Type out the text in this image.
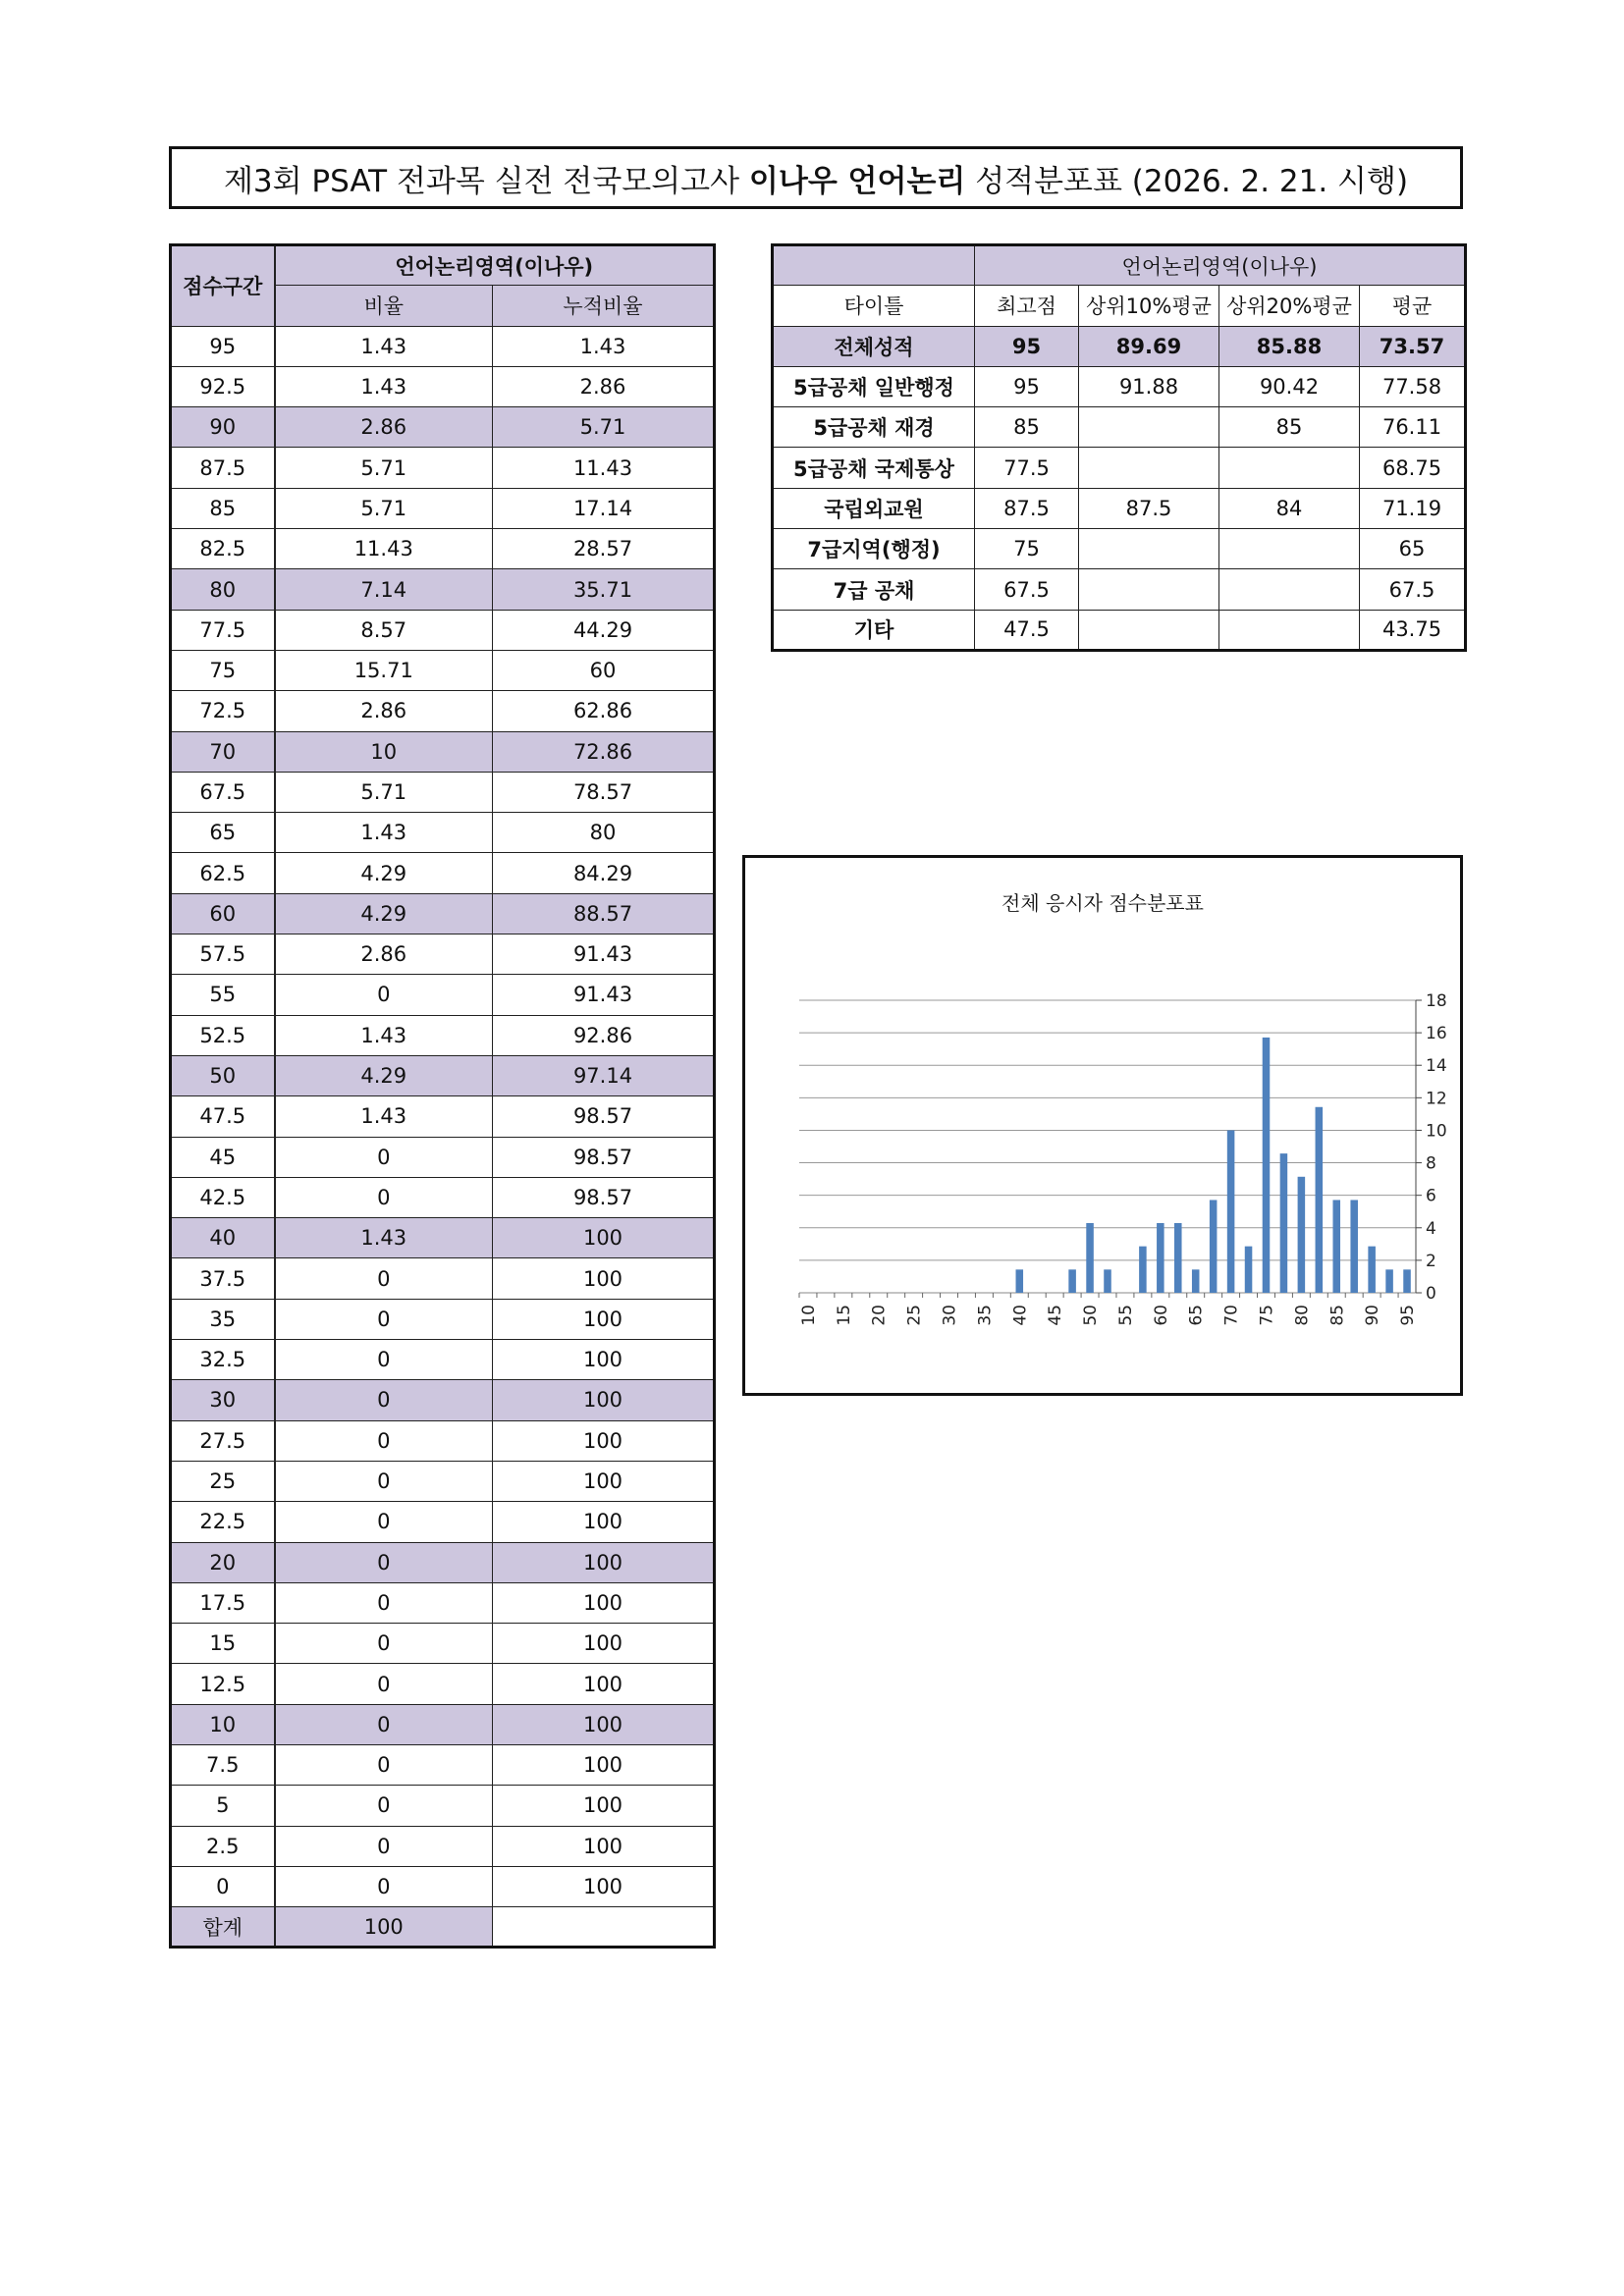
제3회 PSAT 전과목 실전 전국모의고사 이나우 언어논리 성적분포표 (2026. 2. 21. 시행)
점수구간	언어논리영역(이나우)	
	비율	누적비율
95	1.43	1.43
92.5	1.43	2.86
90	2.86	5.71
87.5	5.71	11.43
85	5.71	17.14
82.5	11.43	28.57
80	7.14	35.71
77.5	8.57	44.29
75	15.71	60
72.5	2.86	62.86
70	10	72.86
67.5	5.71	78.57
65	1.43	80
62.5	4.29	84.29
60	4.29	88.57
57.5	2.86	91.43
55	0	91.43
52.5	1.43	92.86
50	4.29	97.14
47.5	1.43	98.57
45	0	98.57
42.5	0	98.57
40	1.43	100
37.5	0	100
35	0	100
32.5	0	100
30	0	100
27.5	0	100
25	0	100
22.5	0	100
20	0	100
17.5	0	100
15	0	100
12.5	0	100
10	0	100
7.5	0	100
5	0	100
2.5	0	100
0	0	100
합계	100	
	언어논리영역(이나우)			
타이틀	최고점	상위10%평균	상위20%평균	평균
전체성적	95	89.69	85.88	73.57
5급공채 일반행정	95	91.88	90.42	77.58
5급공채 재경	85		85	76.11
5급공채 국제통상	77.5			68.75
국립외교원	87.5	87.5	84	71.19
7급지역(행정)	75			65
7급 공채	67.5			67.5
기타	47.5			43.75
전체 응시자 점수분포표
0
2
4
6
8
10
12
14
16
18
10 15 20 25 30 35 40 45 50 55 60 65 70 75 80 85 90 95
